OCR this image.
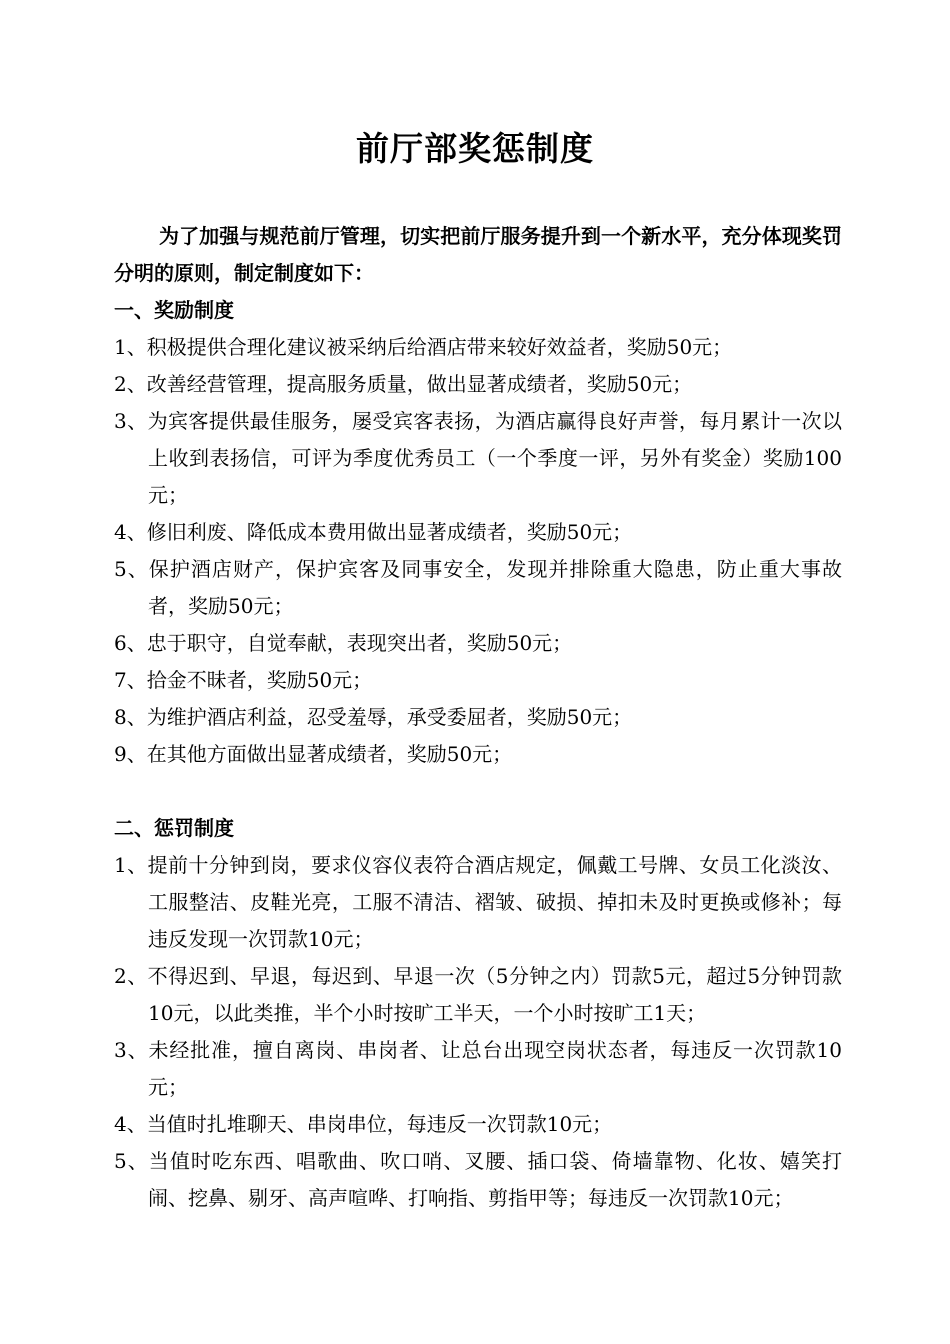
前厅部奖惩制度

为了加强与规范前厅管理，切实把前厅服务提升到一个新水平，充分体现奖罚分明的原则，制定制度如下：

一、奖励制度

1、积极提供合理化建议被采纳后给酒店带来较好效益者，奖励50元；

2、改善经营管理，提高服务质量，做出显著成绩者，奖励50元；

3、为宾客提供最佳服务，屡受宾客表扬，为酒店赢得良好声誉，每月累计一次以上收到表扬信，可评为季度优秀员工（一个季度一评，另外有奖金）奖励100元；

4、修旧利废、降低成本费用做出显著成绩者，奖励50元；

5、保护酒店财产，保护宾客及同事安全，发现并排除重大隐患，防止重大事故者，奖励50元；

6、忠于职守，自觉奉献，表现突出者，奖励50元；

7、拾金不昧者，奖励50元；

8、为维护酒店利益，忍受羞辱，承受委屈者，奖励50元；

9、在其他方面做出显著成绩者，奖励50元；

二、惩罚制度

1、提前十分钟到岗，要求仪容仪表符合酒店规定，佩戴工号牌、女员工化淡汝、工服整洁、皮鞋光亮，工服不清洁、褶皱、破损、掉扣未及时更换或修补；每违反发现一次罚款10元；

2、不得迟到、早退，每迟到、早退一次（5分钟之内）罚款5元，超过5分钟罚款10元，以此类推，半个小时按旷工半天，一个小时按旷工1天；

3、未经批准，擅自离岗、串岗者、让总台出现空岗状态者，每违反一次罚款10元；

4、当值时扎堆聊天、串岗串位，每违反一次罚款10元；

5、当值时吃东西、唱歌曲、吹口哨、叉腰、插口袋、倚墙靠物、化妆、嬉笑打闹、挖鼻、剔牙、高声喧哗、打响指、剪指甲等；每违反一次罚款10元；
